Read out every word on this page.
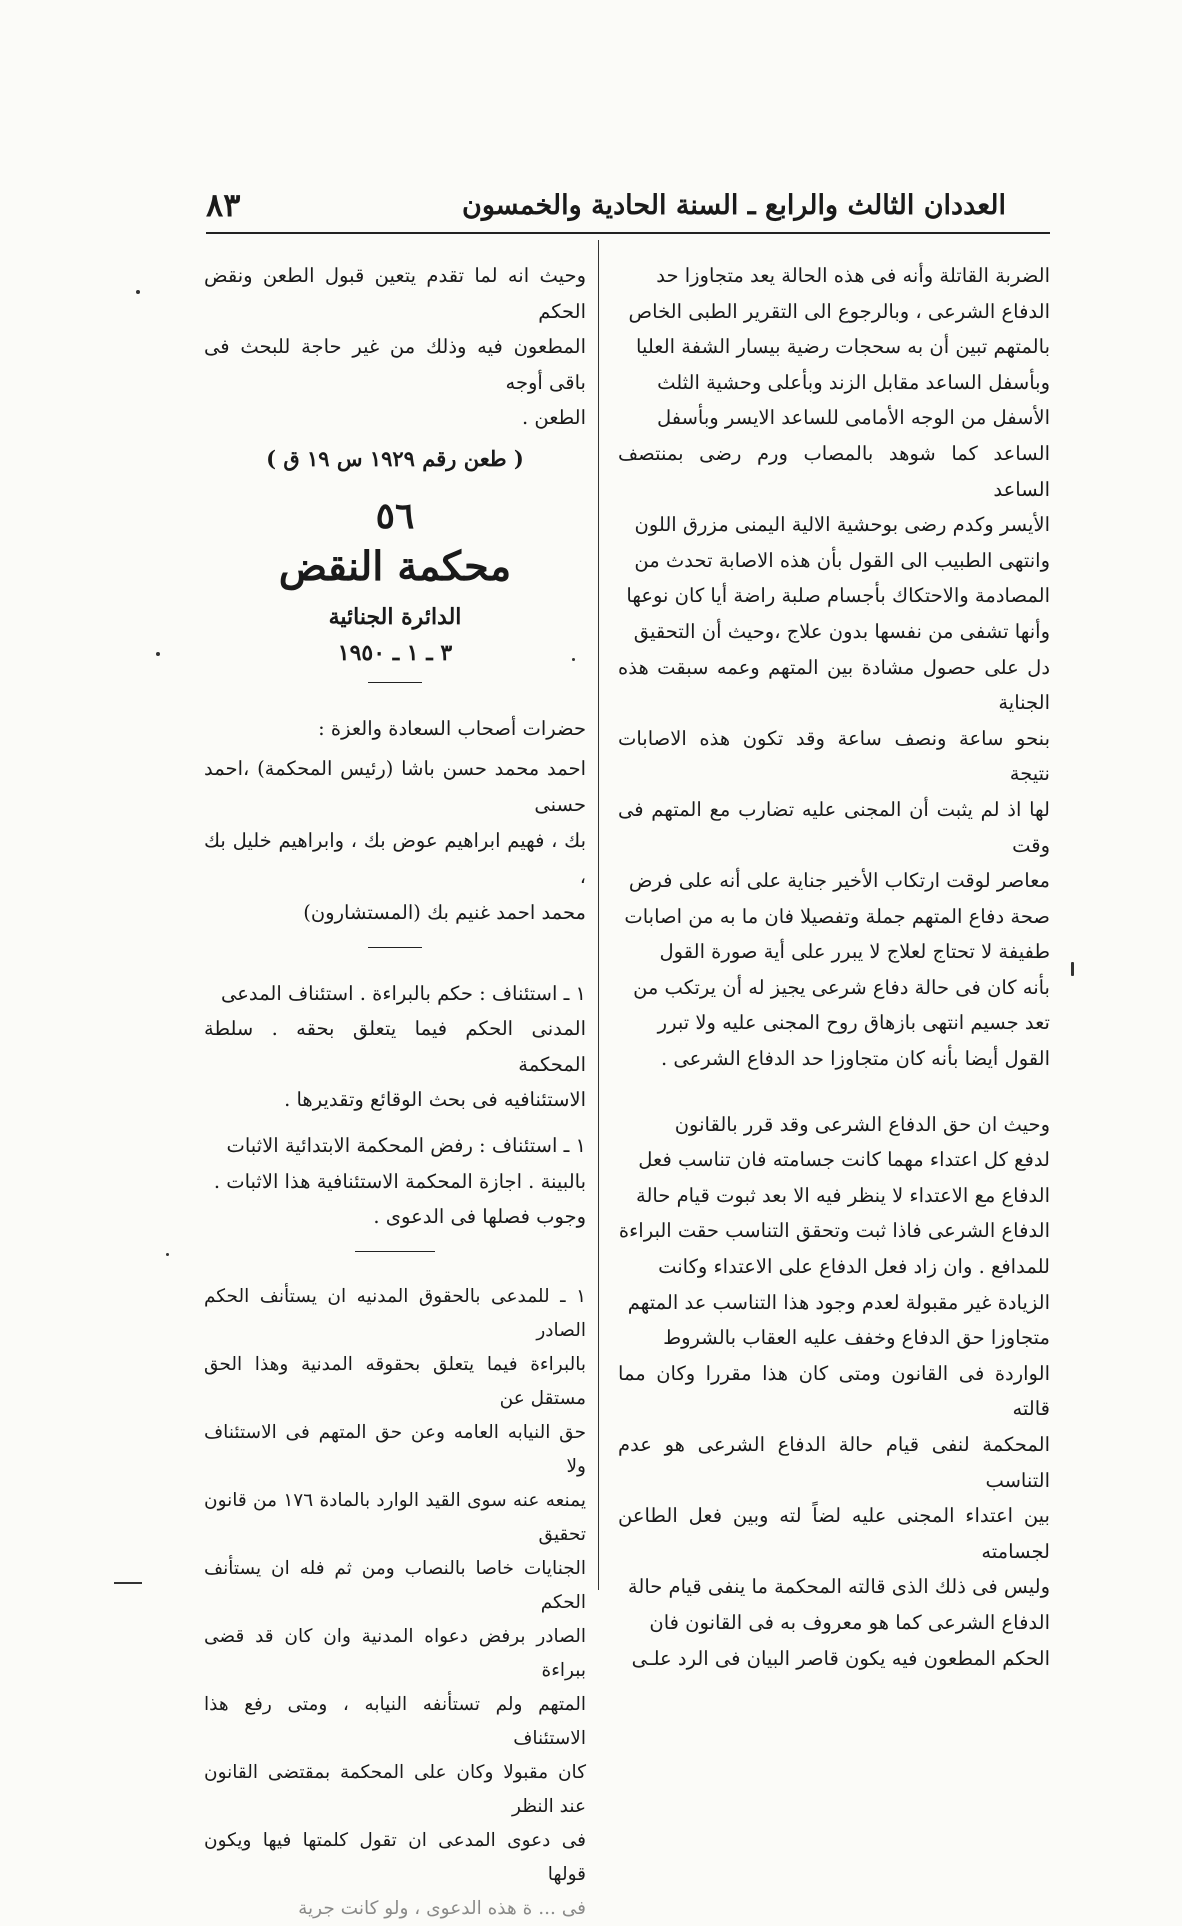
العددان الثالث والرابع ـ السنة الحادية والخمسون
٨٣

الضربة القاتلة وأنه فى هذه الحالة يعد متجاوزا حد

الدفاع الشرعى ، وبالرجوع الى التقرير الطبى الخاص

بالمتهم تبين أن به سحجات رضية بيسار الشفة العليا

وبأسفل الساعد مقابل الزند وبأعلى وحشية الثلث

الأسفل من الوجه الأمامى للساعد الايسر وبأسفل

الساعد كما شوهد بالمصاب ورم رضى بمنتصف الساعد

الأيسر وكدم رضى بوحشية الالية اليمنى مزرق اللون

وانتهى الطبيب الى القول بأن هذه الاصابة تحدث من

المصادمة والاحتكاك بأجسام صلبة راضة أيا كان نوعها

وأنها تشفى من نفسها بدون علاج ،وحيث أن التحقيق

دل على حصول مشادة بين المتهم وعمه سبقت هذه الجناية

بنحو ساعة ونصف ساعة وقد تكون هذه الاصابات نتيجة

لها اذ لم يثبت أن المجنى عليه تضارب مع المتهم فى وقت

معاصر لوقت ارتكاب الأخير جناية على أنه على فرض

صحة دفاع المتهم جملة وتفصيلا فان ما به من اصابات

طفيفة لا تحتاج لعلاج لا يبرر على أية صورة القول

بأنه كان فى حالة دفاع شرعى يجيز له أن يرتكب من

تعد جسيم انتهى بازهاق روح المجنى عليه ولا تبرر

القول أيضا بأنه كان متجاوزا حد الدفاع الشرعى .

وحيث ان حق الدفاع الشرعى وقد قرر بالقانون

لدفع كل اعتداء مهما كانت جسامته فان تناسب فعل

الدفاع مع الاعتداء لا ينظر فيه الا بعد ثبوت قيام حالة

الدفاع الشرعى فاذا ثبت وتحقق التناسب حقت البراءة

للمدافع . وان زاد فعل الدفاع على الاعتداء وكانت

الزيادة غير مقبولة لعدم وجود هذا التناسب عد المتهم

متجاوزا حق الدفاع وخفف عليه العقاب بالشروط

الواردة فى القانون ومتى كان هذا مقررا وكان مما قالته

المحكمة لنفى قيام حالة الدفاع الشرعى هو عدم التناسب

بين اعتداء المجنى عليه لضاً لته وبين فعل الطاعن لجسامته

وليس فى ذلك الذى قالته المحكمة ما ينفى قيام حالة

الدفاع الشرعى كما هو معروف به فى القانون فان

الحكم المطعون فيه يكون قاصر البيان فى الرد علـى

وحيث انه لما تقدم يتعين قبول الطعن ونقض الحكم

المطعون فيه وذلك من غير حاجة للبحث فى باقى أوجه

الطعن .

( طعن رقم ١٩٢٩ س ١٩ ق )
٥٦
محكمة النقض
الدائرة الجنائية
٣ ـ ١ ـ ١٩٥٠

حضرات أصحاب السعادة والعزة :

احمد محمد حسن باشا (رئيس المحكمة) ،احمد حسنى

بك ، فهيم ابراهيم عوض بك ، وابراهيم خليل بك ،

محمد احمد غنيم بك (المستشارون)

١ ـ استئناف : حكم بالبراءة . استئناف المدعى

المدنى الحكم فيما يتعلق بحقه . سلطة المحكمة

الاستئنافيه فى بحث الوقائع وتقديرها .

١ ـ استئناف : رفض المحكمة الابتدائية الاثبات

بالبينة . اجازة المحكمة الاستئنافية هذا الاثبات .

وجوب فصلها فى الدعوى .

١ ـ للمدعى بالحقوق المدنيه ان يستأنف الحكم الصادر

بالبراءة فيما يتعلق بحقوقه المدنية وهذا الحق مستقل عن

حق النيابه العامه وعن حق المتهم فى الاستئناف ولا

يمنعه عنه سوى القيد الوارد بالمادة ١٧٦ من قانون تحقيق

الجنايات خاصا بالنصاب ومن ثم فله ان يستأنف الحكم

الصادر برفض دعواه المدنية وان كان قد قضى ببراءة

المتهم ولم تستأنفه النيابه ، ومتى رفع هذا الاستئناف

كان مقبولا وكان على المحكمة بمقتضى القانون عند النظر

فى دعوى المدعى ان تقول كلمتها فيها ويكون قولها

فى ... ة هذه الدعوى ، ولو كانت جرية
